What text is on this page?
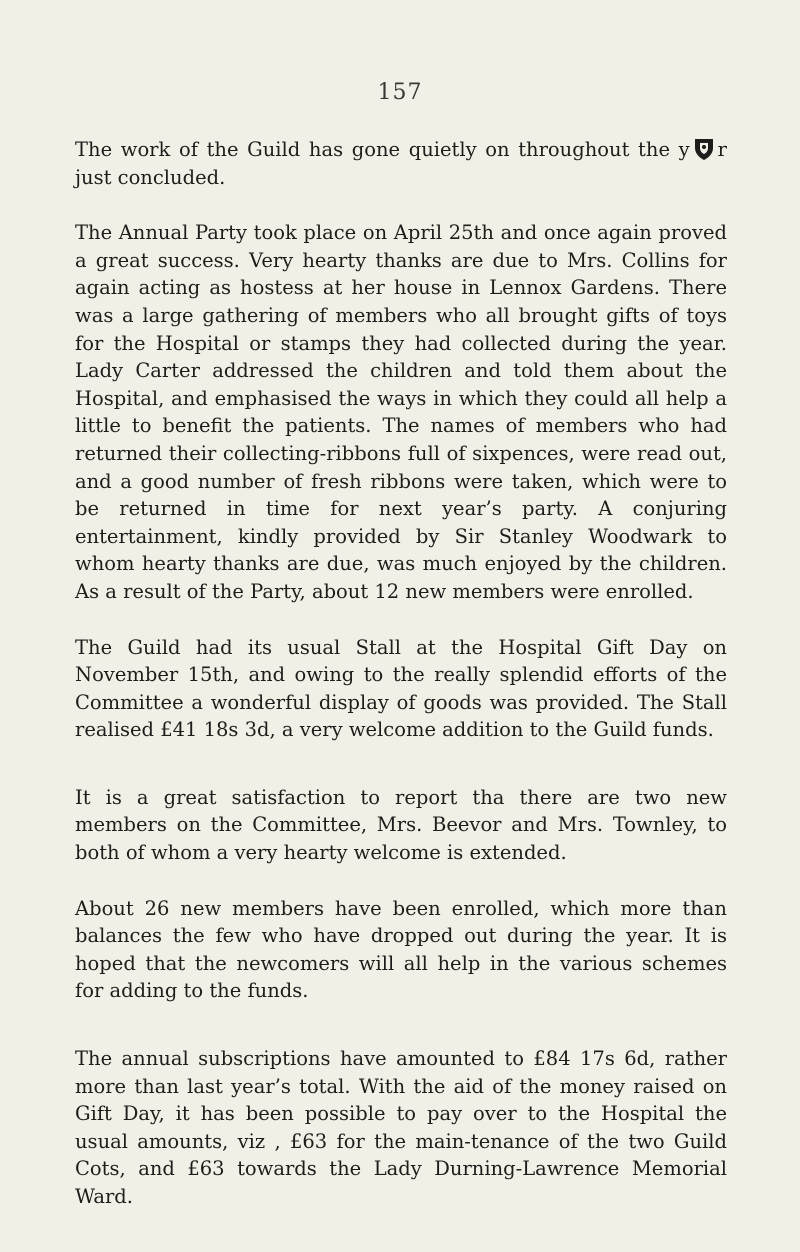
157

The work of the Guild has gone quietly on throughout the y r just concluded.

The Annual Party took place on April 25th and once again proved a great success. Very hearty thanks are due to Mrs. Collins for again acting as hostess at her house in Lennox Gardens. There was a large gathering of members who all brought gifts of toys for the Hospital or stamps they had collected during the year. Lady Carter addressed the children and told them about the Hospital, and emphasised the ways in which they could all help a little to benefit the patients. The names of members who had returned their collecting-ribbons full of sixpences, were read out, and a good number of fresh ribbons were taken, which were to be returned in time for next year’s party. A conjuring entertainment, kindly provided by Sir Stanley Woodwark to whom hearty thanks are due, was much enjoyed by the children. As a result of the Party, about 12 new members were enrolled.

The Guild had its usual Stall at the Hospital Gift Day on November 15th, and owing to the really splendid efforts of the Committee a wonderful display of goods was provided. The Stall realised £41 18s 3d, a very welcome addition to the Guild funds.

It is a great satisfaction to report tha there are two new members on the Committee, Mrs. Beevor and Mrs. Townley, to both of whom a very hearty welcome is extended.

About 26 new members have been enrolled, which more than balances the few who have dropped out during the year. It is hoped that the newcomers will all help in the various schemes for adding to the funds.

The annual subscriptions have amounted to £84 17s 6d, rather more than last year’s total. With the aid of the money raised on Gift Day, it has been possible to pay over to the Hospital the usual amounts, viz , £63 for the main-tenance of the two Guild Cots, and £63 towards the Lady Durning-Lawrence Memorial Ward.
